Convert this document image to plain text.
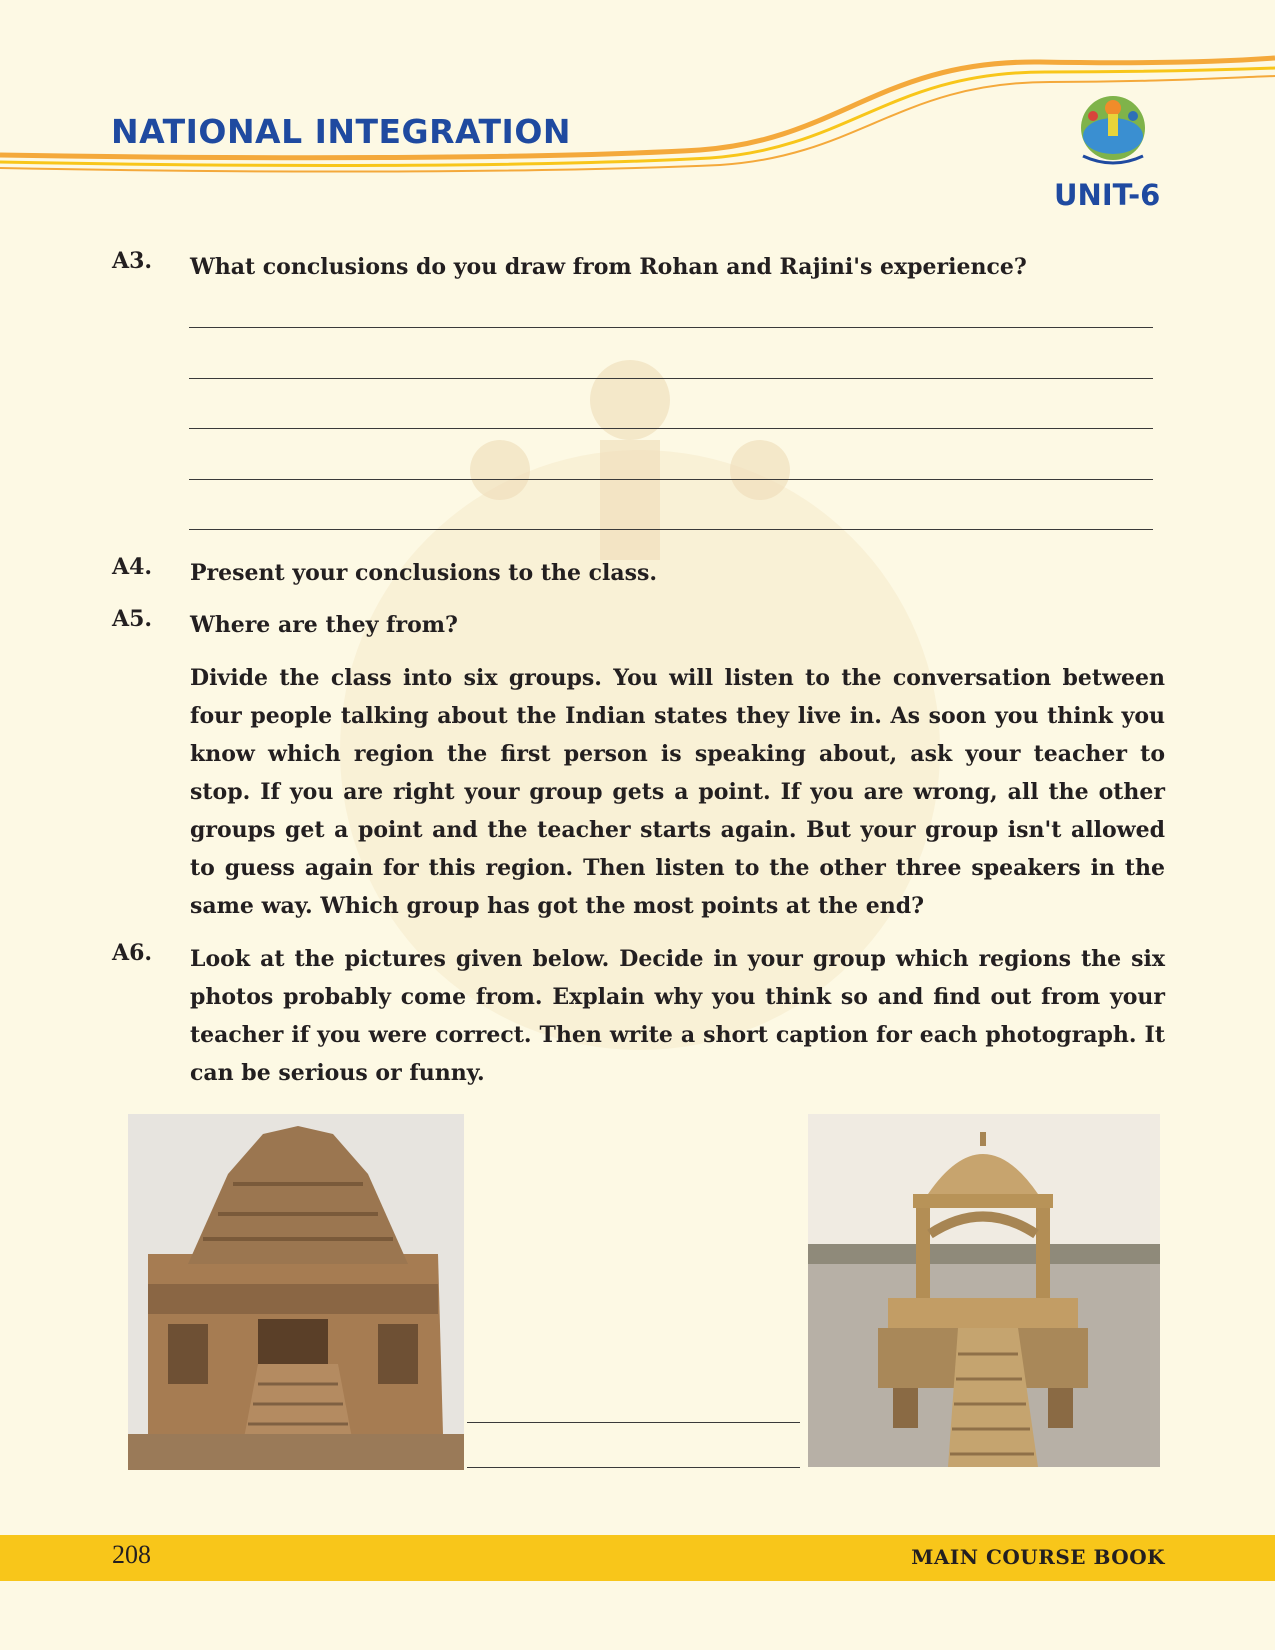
NATIONAL INTEGRATION
UNIT-6
A3.	What conclusions do you draw from Rohan and Rajini's experience?
A4.	Present your conclusions to the class.
A5.	Where are they from?
Divide the class into six groups. You will listen to the conversation between four people talking about the Indian states they live in. As soon you think you know which region the first person is speaking about, ask your teacher to stop. If you are right your group gets a point. If you are wrong, all the other groups get a point and the teacher starts again. But your group isn't allowed to guess again for this region. Then listen to the other three speakers in the same way. Which group has got the most points at the end?
A6.	Look at the pictures given below. Decide in your group which regions the six photos probably come from. Explain why you think so and find out from your teacher if you were correct. Then write a short caption for each photograph. It can be serious or funny.
208	MAIN COURSE BOOK
